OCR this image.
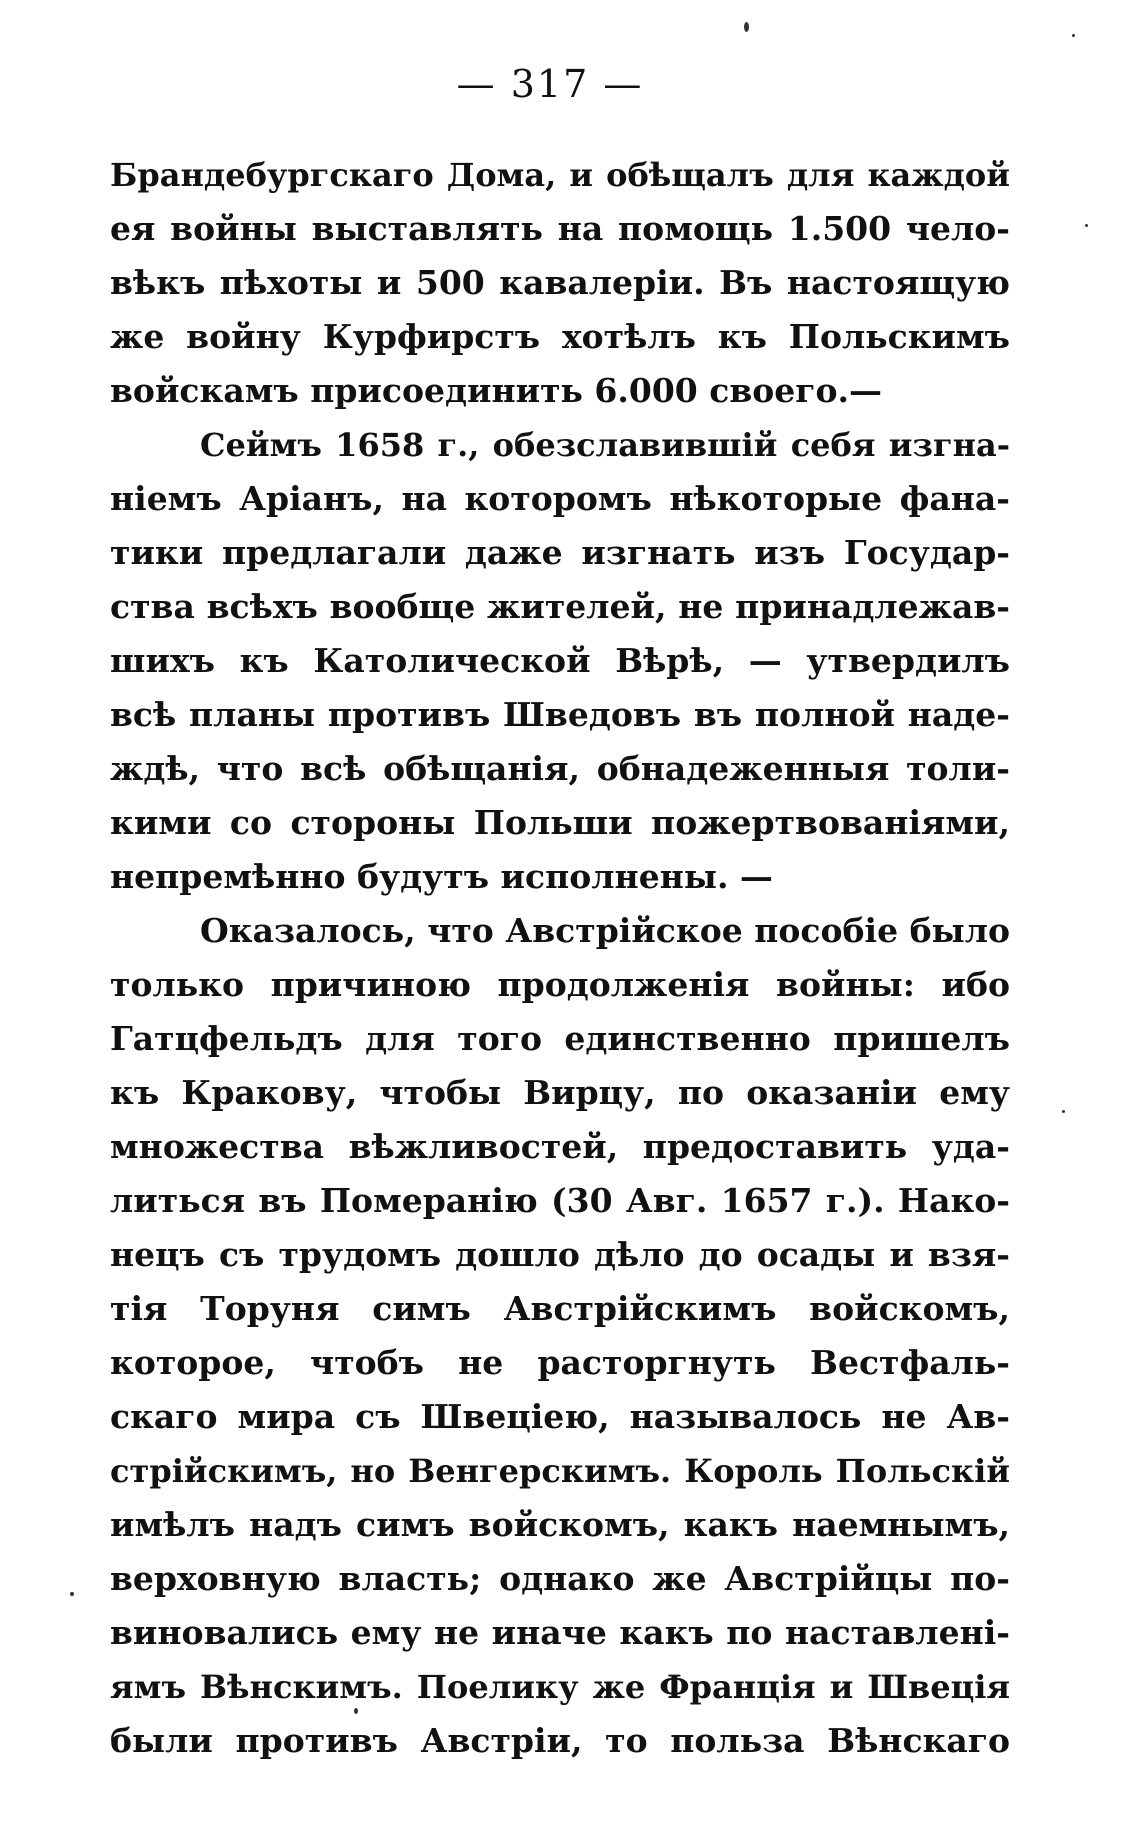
— 317 —
Брандебургскаго Дома, и обѣщалъ для каждой
ея войны выставлять на помощь 1.500 чело-
вѣкъ пѣхоты и 500 кавалеріи. Въ настоящую
же войну Курфирстъ хотѣлъ къ Польскимъ
войскамъ присоединить 6.000 своего.—
Сеймъ 1658 г., обезславившій себя изгна-
ніемъ Аріанъ, на которомъ нѣкоторые фана-
тики предлагали даже изгнать изъ Государ-
ства всѣхъ вообще жителей, не принадлежав-
шихъ къ Католической Вѣрѣ, — утвердилъ
всѣ планы противъ Шведовъ въ полной наде-
ждѣ, что всѣ обѣщанія, обнадеженныя толи-
кими со стороны Польши пожертвованіями,
непремѣнно будутъ исполнены. —
Оказалось, что Австрійское пособіе было
только причиною продолженія войны: ибо
Гатцфельдъ для того единственно пришелъ
къ Кракову, чтобы Вирцу, по оказаніи ему
множества вѣжливостей, предоставить уда-
литься въ Померанію (30 Авг. 1657 г.). Нако-
нецъ съ трудомъ дошло дѣло до осады и взя-
тія Торуня симъ Австрійскимъ войскомъ,
которое, чтобъ не расторгнуть Вестфаль-
скаго мира съ Швеціею, называлось не Ав-
стрійскимъ, но Венгерскимъ. Король Польскій
имѣлъ надъ симъ войскомъ, какъ наемнымъ,
верховную власть; однако же Австрійцы по-
виновались ему не иначе какъ по наставлені-
ямъ Вѣнскимъ. Поелику же Франція и Швеція
были противъ Австріи, то польза Вѣнскаго
